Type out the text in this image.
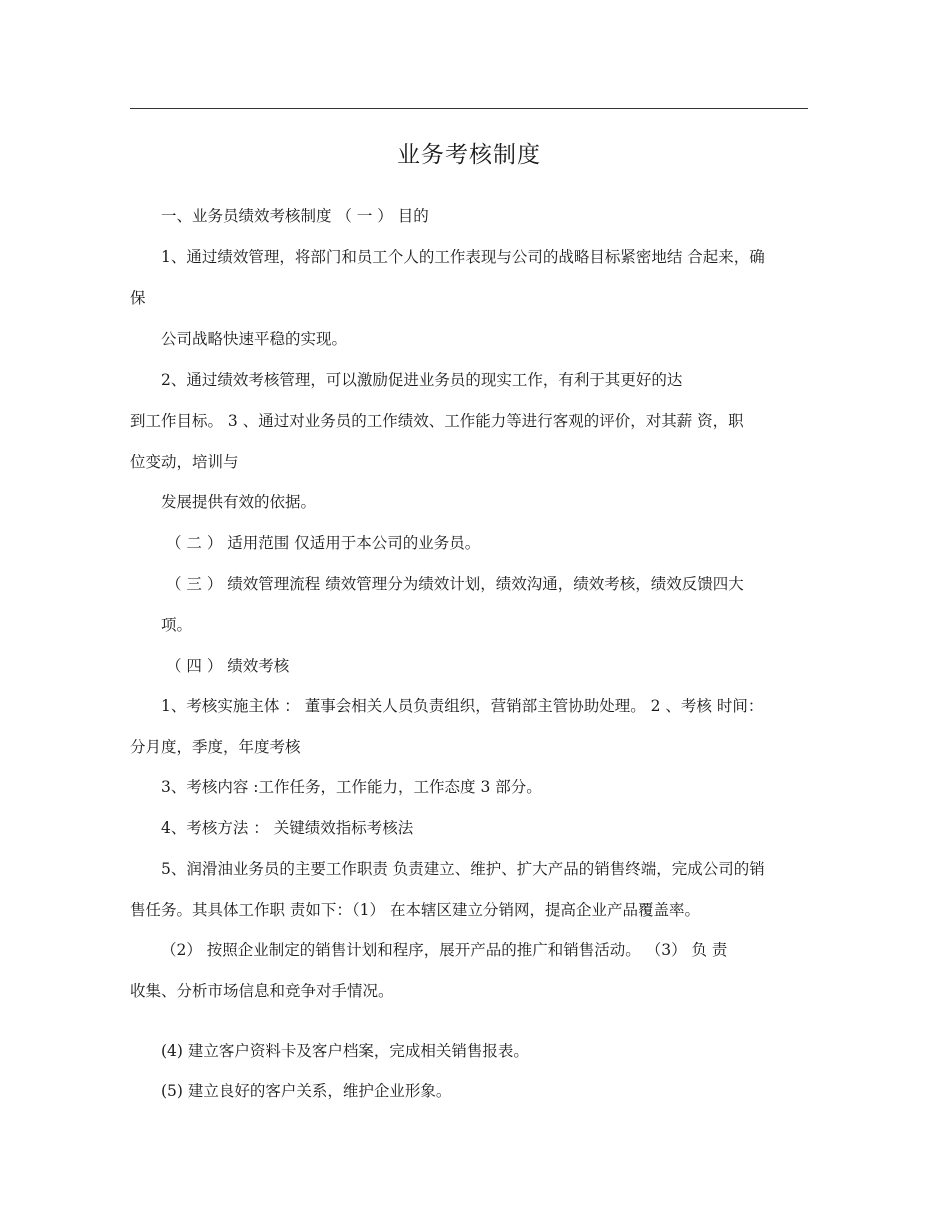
业务考核制度
一、业务员绩效考核制度 （ 一 ） 目的
1、通过绩效管理，将部门和员工个人的工作表现与公司的战略目标紧密地结 合起来，确
保
公司战略快速平稳的实现。
2、通过绩效考核管理，可以激励促进业务员的现实工作，有利于其更好的达
到工作目标。 3 、通过对业务员的工作绩效、工作能力等进行客观的评价，对其薪 资，职
位变动，培训与
发展提供有效的依据。
（ 二 ） 适用范围 仅适用于本公司的业务员。
（ 三 ） 绩效管理流程 绩效管理分为绩效计划，绩效沟通，绩效考核，绩效反馈四大
项。
（ 四 ） 绩效考核
1、考核实施主体 ： 董事会相关人员负责组织，营销部主管协助处理。 2 、考核 时间：
分月度，季度，年度考核
3、考核内容 :工作任务，工作能力，工作态度 3 部分。
4、考核方法 ： 关键绩效指标考核法
5、润滑油业务员的主要工作职责 负责建立、维护、扩大产品的销售终端，完成公司的销
售任务。其具体工作职 责如下：（1） 在本辖区建立分销网，提高企业产品覆盖率。
（2） 按照企业制定的销售计划和程序，展开产品的推广和销售活动。 （3） 负 责
收集、分析市场信息和竞争对手情况。
(4) 建立客户资料卡及客户档案，完成相关销售报表。
(5) 建立良好的客户关系，维护企业形象。
